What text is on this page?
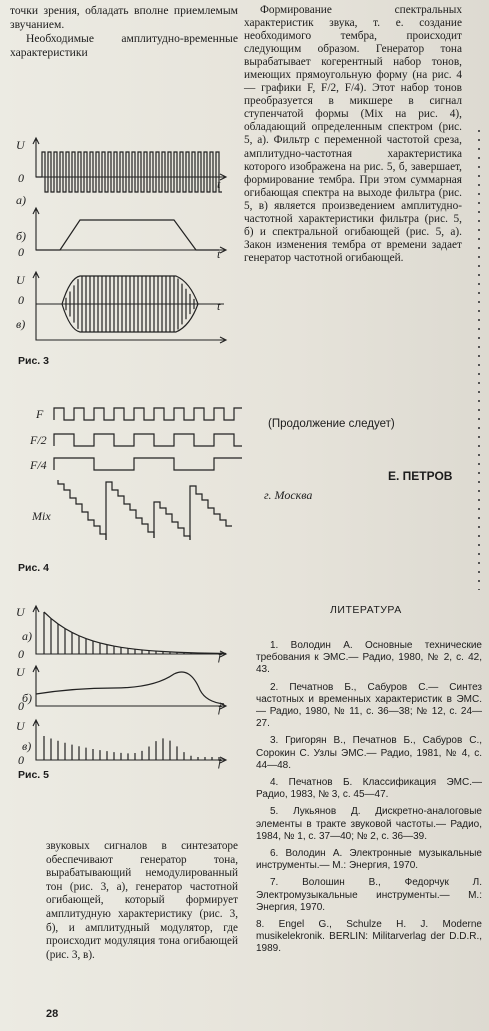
точки зрения, обладать вполне приемлемым звучанием.

Необходимые амплитудно-временные характеристики

U
0	t
а)
б)
0	t
U
0	t
в)
Рис. 3
F
F/2
F/4
Mix
Рис. 4
U
а)
0	f
U
б)
0	f
U
в)
0	f
Рис. 5

звуковых сигналов в синтезаторе обеспечивают генератор тона, вырабатывающий немодулированный тон (рис. 3, а), генератор частотной огибающей, который формирует амплитудную характеристику (рис. 3, б), и амплитудный модулятор, где происходит модуляция тона огибающей (рис. 3, в).

Формирование спектральных характеристик звука, т. е. создание необходимого тембра, происходит следующим образом. Генератор тона вырабатывает когерентный набор тонов, имеющих прямоугольную форму (на рис. 4 — графики F, F/2, F/4). Этот набор тонов преобразуется в микшере в сигнал ступенчатой формы (Mix на рис. 4), обладающий определенным спектром (рис. 5, а). Фильтр с переменной частотой среза, амплитудно-частотная характеристика которого изображена на рис. 5, б, завершает, формирование тембра. При этом суммарная огибающая спектра на выходе фильтра (рис. 5, в) является произведением амплитудно-частотной характеристики фильтра (рис. 5, б) и спектральной огибающей (рис. 5, а). Закон изменения тембра от времени задает генератор частотной огибающей.

(Продолжение следует)
Е. ПЕТРОВ
г. Москва
ЛИТЕРАТУРА

1. Володин А. Основные технические требования к ЭМС.— Радио, 1980, № 2, с. 42, 43.

2. Печатнов Б., Сабуров С.— Синтез частотных и временных характеристик в ЭМС.— Радио, 1980, № 11, с. 36—38; № 12, с. 24—27.

3. Григорян В., Печатнов Б., Сабуров С., Сорокин С. Узлы ЭМС.— Радио, 1981, № 4, с. 44—48.

4. Печатнов Б. Классификация ЭМС.— Радио, 1983, № 3, с. 45—47.

5. Лукьянов Д. Дискретно-аналоговые элементы в тракте звуковой частоты.— Радио, 1984, № 1, с. 37—40; № 2, с. 36—39.

6. Володин А. Электронные музыкальные инструменты.— М.: Энергия, 1970.

7. Волошин В., Федорчук Л. Электромузыкальные инструменты.— М.: Энергия, 1970.

8. Engel G., Schulze H. J. Moderne musikelekronik. BERLIN: Militarverlag der D.D.R., 1989.

28
